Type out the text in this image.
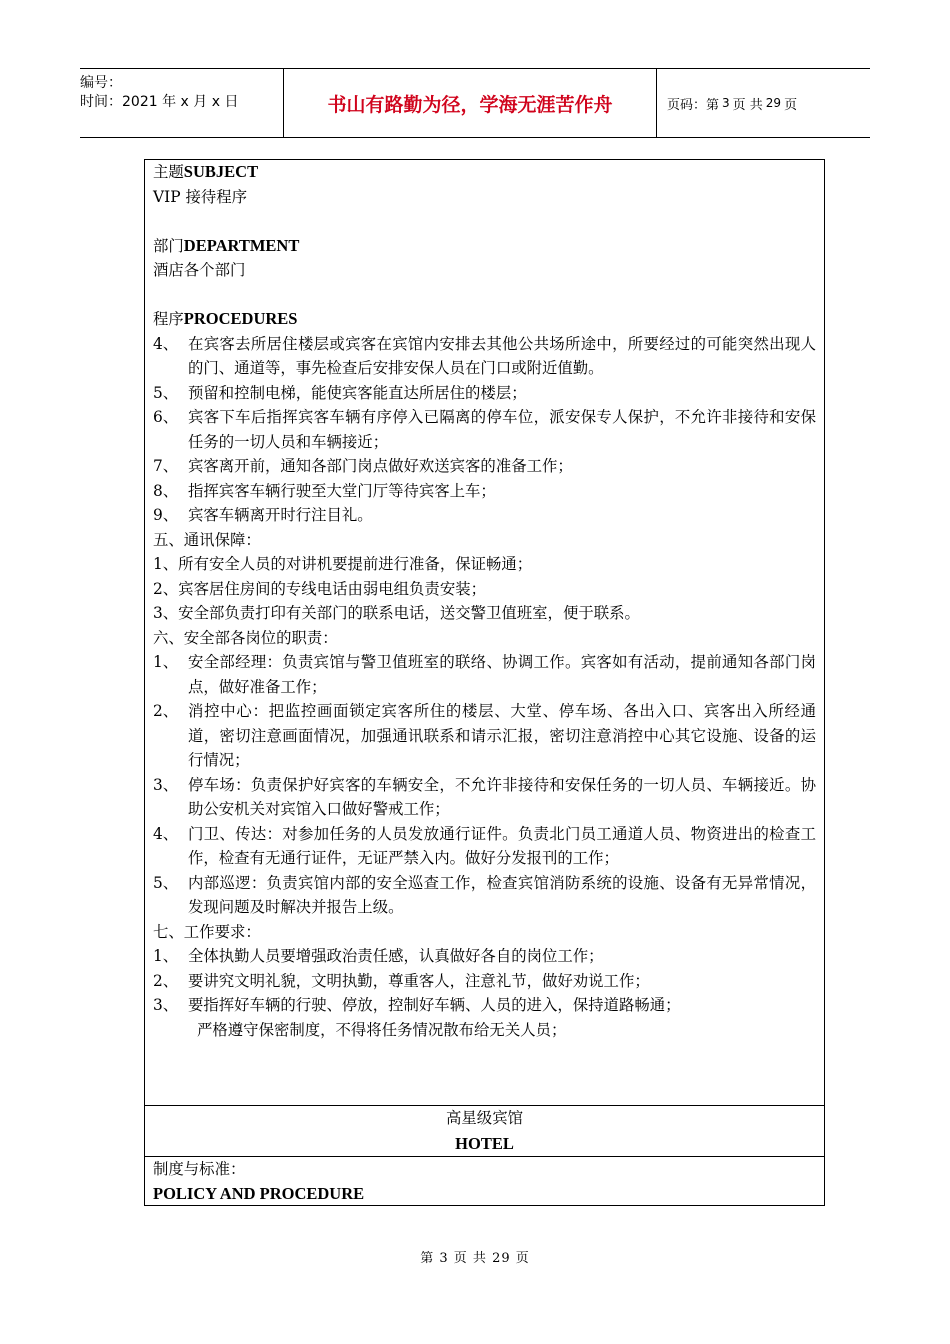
编号：
时间：2021 年 x 月 x 日	书山有路勤为径，学海无涯苦作舟	页码：第 3 页 共 29 页
主题SUBJECT
VIP 接待程序
部门DEPARTMENT
酒店各个部门
程序PROCEDURES
4、 在宾客去所居住楼层或宾客在宾馆内安排去其他公共场所途中，所要经过的可能突然出现人的门、通道等，事先检查后安排安保人员在门口或附近值勤。
5、 预留和控制电梯，能使宾客能直达所居住的楼层；
6、 宾客下车后指挥宾客车辆有序停入已隔离的停车位，派安保专人保护，不允许非接待和安保任务的一切人员和车辆接近；
7、 宾客离开前，通知各部门岗点做好欢送宾客的准备工作；
8、 指挥宾客车辆行驶至大堂门厅等待宾客上车；
9、 宾客车辆离开时行注目礼。
五、通讯保障：
1、所有安全人员的对讲机要提前进行准备，保证畅通；
2、宾客居住房间的专线电话由弱电组负责安装；
3、安全部负责打印有关部门的联系电话，送交警卫值班室，便于联系。
六、安全部各岗位的职责：
1、 安全部经理：负责宾馆与警卫值班室的联络、协调工作。宾客如有活动，提前通知各部门岗点，做好准备工作；
2、 消控中心：把监控画面锁定宾客所住的楼层、大堂、停车场、各出入口、宾客出入所经通道，密切注意画面情况，加强通讯联系和请示汇报，密切注意消控中心其它设施、设备的运行情况；
3、 停车场：负责保护好宾客的车辆安全，不允许非接待和安保任务的一切人员、车辆接近。协助公安机关对宾馆入口做好警戒工作；
4、 门卫、传达：对参加任务的人员发放通行证件。负责北门员工通道人员、物资进出的检查工作，检查有无通行证件，无证严禁入内。做好分发报刊的工作；
5、 内部巡逻：负责宾馆内部的安全巡查工作，检查宾馆消防系统的设施、设备有无异常情况，发现问题及时解决并报告上级。
七、工作要求：
1、 全体执勤人员要增强政治责任感，认真做好各自的岗位工作；
2、 要讲究文明礼貌，文明执勤，尊重客人，注意礼节，做好劝说工作；
3、 要指挥好车辆的行驶、停放，控制好车辆、人员的进入，保持道路畅通；
严格遵守保密制度，不得将任务情况散布给无关人员；
高星级宾馆
HOTEL
制度与标准：
POLICY AND PROCEDURE
第 3 页 共 29 页
